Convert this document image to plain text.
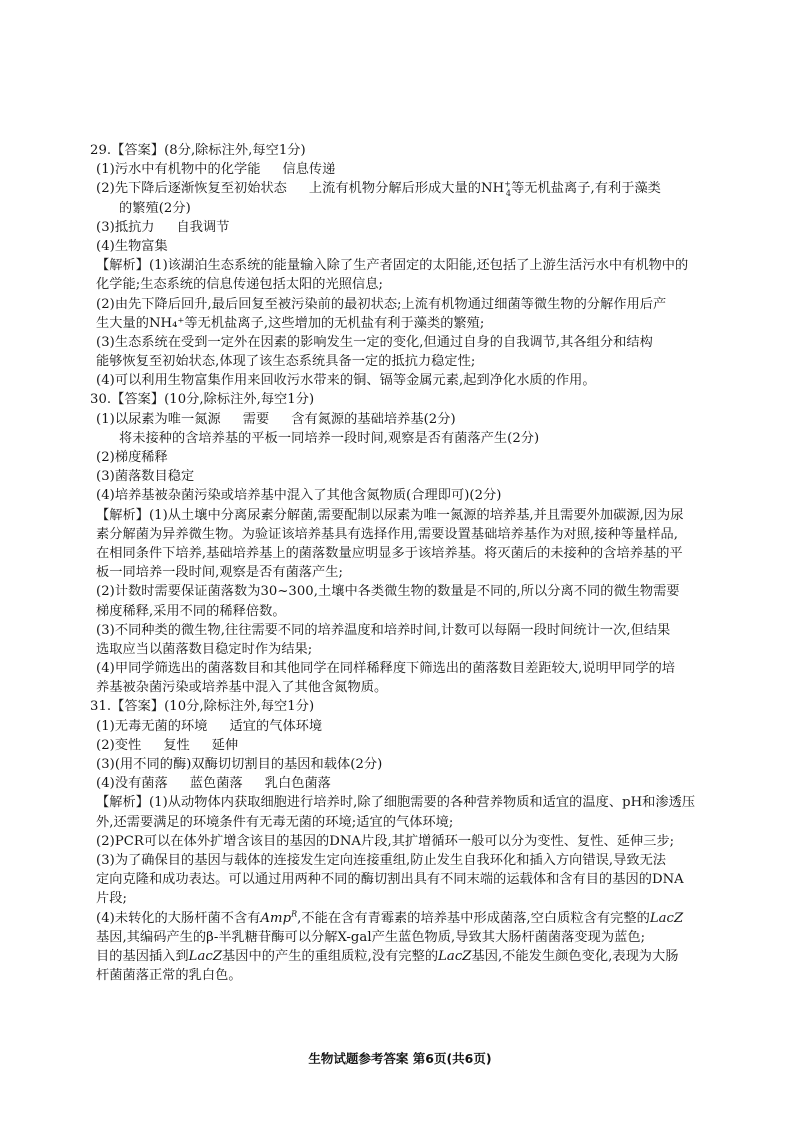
29.【答案】(8分,除标注外,每空1分)
(1)污水中有机物中的化学能 信息传递
(2)先下降后逐渐恢复至初始状态 上流有机物分解后形成大量的$NH^+_4$等无机盐离子,有利于藻类
的繁殖(2分)
(3)抵抗力 自我调节
(4)生物富集
【解析】(1)该湖泊生态系统的能量输入除了生产者固定的太阳能,还包括了上游生活污水中有机物中的
化学能;生态系统的信息传递包括太阳的光照信息;
(2)由先下降后回升,最后回复至被污染前的最初状态;上流有机物通过细菌等微生物的分解作用后产
生大量的NH₄⁺等无机盐离子,这些增加的无机盐有利于藻类的繁殖;
(3)生态系统在受到一定外在因素的影响发生一定的变化,但通过自身的自我调节,其各组分和结构
能够恢复至初始状态,体现了该生态系统具备一定的抵抗力稳定性;
(4)可以利用生物富集作用来回收污水带来的铜、镉等金属元素,起到净化水质的作用。
30.【答案】(10分,除标注外,每空1分)
(1)以尿素为唯一氮源 需要 含有氮源的基础培养基(2分)
将未接种的含培养基的平板一同培养一段时间,观察是否有菌落产生(2分)
(2)梯度稀释
(3)菌落数目稳定
(4)培养基被杂菌污染或培养基中混入了其他含氮物质(合理即可)(2分)
【解析】(1)从土壤中分离尿素分解菌,需要配制以尿素为唯一氮源的培养基,并且需要外加碳源,因为尿
素分解菌为异养微生物。为验证该培养基具有选择作用,需要设置基础培养基作为对照,接种等量样品,
在相同条件下培养,基础培养基上的菌落数量应明显多于该培养基。将灭菌后的未接种的含培养基的平
板一同培养一段时间,观察是否有菌落产生;
(2)计数时需要保证菌落数为30~300,土壤中各类微生物的数量是不同的,所以分离不同的微生物需要
梯度稀释,采用不同的稀释倍数。
(3)不同种类的微生物,往往需要不同的培养温度和培养时间,计数可以每隔一段时间统计一次,但结果
选取应当以菌落数目稳定时作为结果;
(4)甲同学筛选出的菌落数目和其他同学在同样稀释度下筛选出的菌落数目差距较大,说明甲同学的培
养基被杂菌污染或培养基中混入了其他含氮物质。
31.【答案】(10分,除标注外,每空1分)
(1)无毒无菌的环境 适宜的气体环境
(2)变性 复性 延伸
(3)(用不同的酶)双酶切切割目的基因和载体(2分)
(4)没有菌落 蓝色菌落 乳白色菌落
【解析】(1)从动物体内获取细胞进行培养时,除了细胞需要的各种营养物质和适宜的温度、pH和渗透压
外,还需要满足的环境条件有无毒无菌的环境;适宜的气体环境;
(2)PCR可以在体外扩增含该目的基因的DNA片段,其扩增循环一般可以分为变性、复性、延伸三步;
(3)为了确保目的基因与载体的连接发生定向连接重组,防止发生自我环化和插入方向错误,导致无法
定向克隆和成功表达。可以通过用两种不同的酶切割出具有不同末端的运载体和含有目的基因的DNA
片段;
(4)未转化的大肠杆菌不含有Amp$^R$,不能在含有青霉素的培养基中形成菌落,空白质粒含有完整的LacZ
基因,其编码产生的β-半乳糖苷酶可以分解X-gal产生蓝色物质,导致其大肠杆菌菌落变现为蓝色;
目的基因插入到LacZ基因中的产生的重组质粒,没有完整的LacZ基因,不能发生颜色变化,表现为大肠
杆菌菌落正常的乳白色。
生物试题参考答案 第6页(共6页)
